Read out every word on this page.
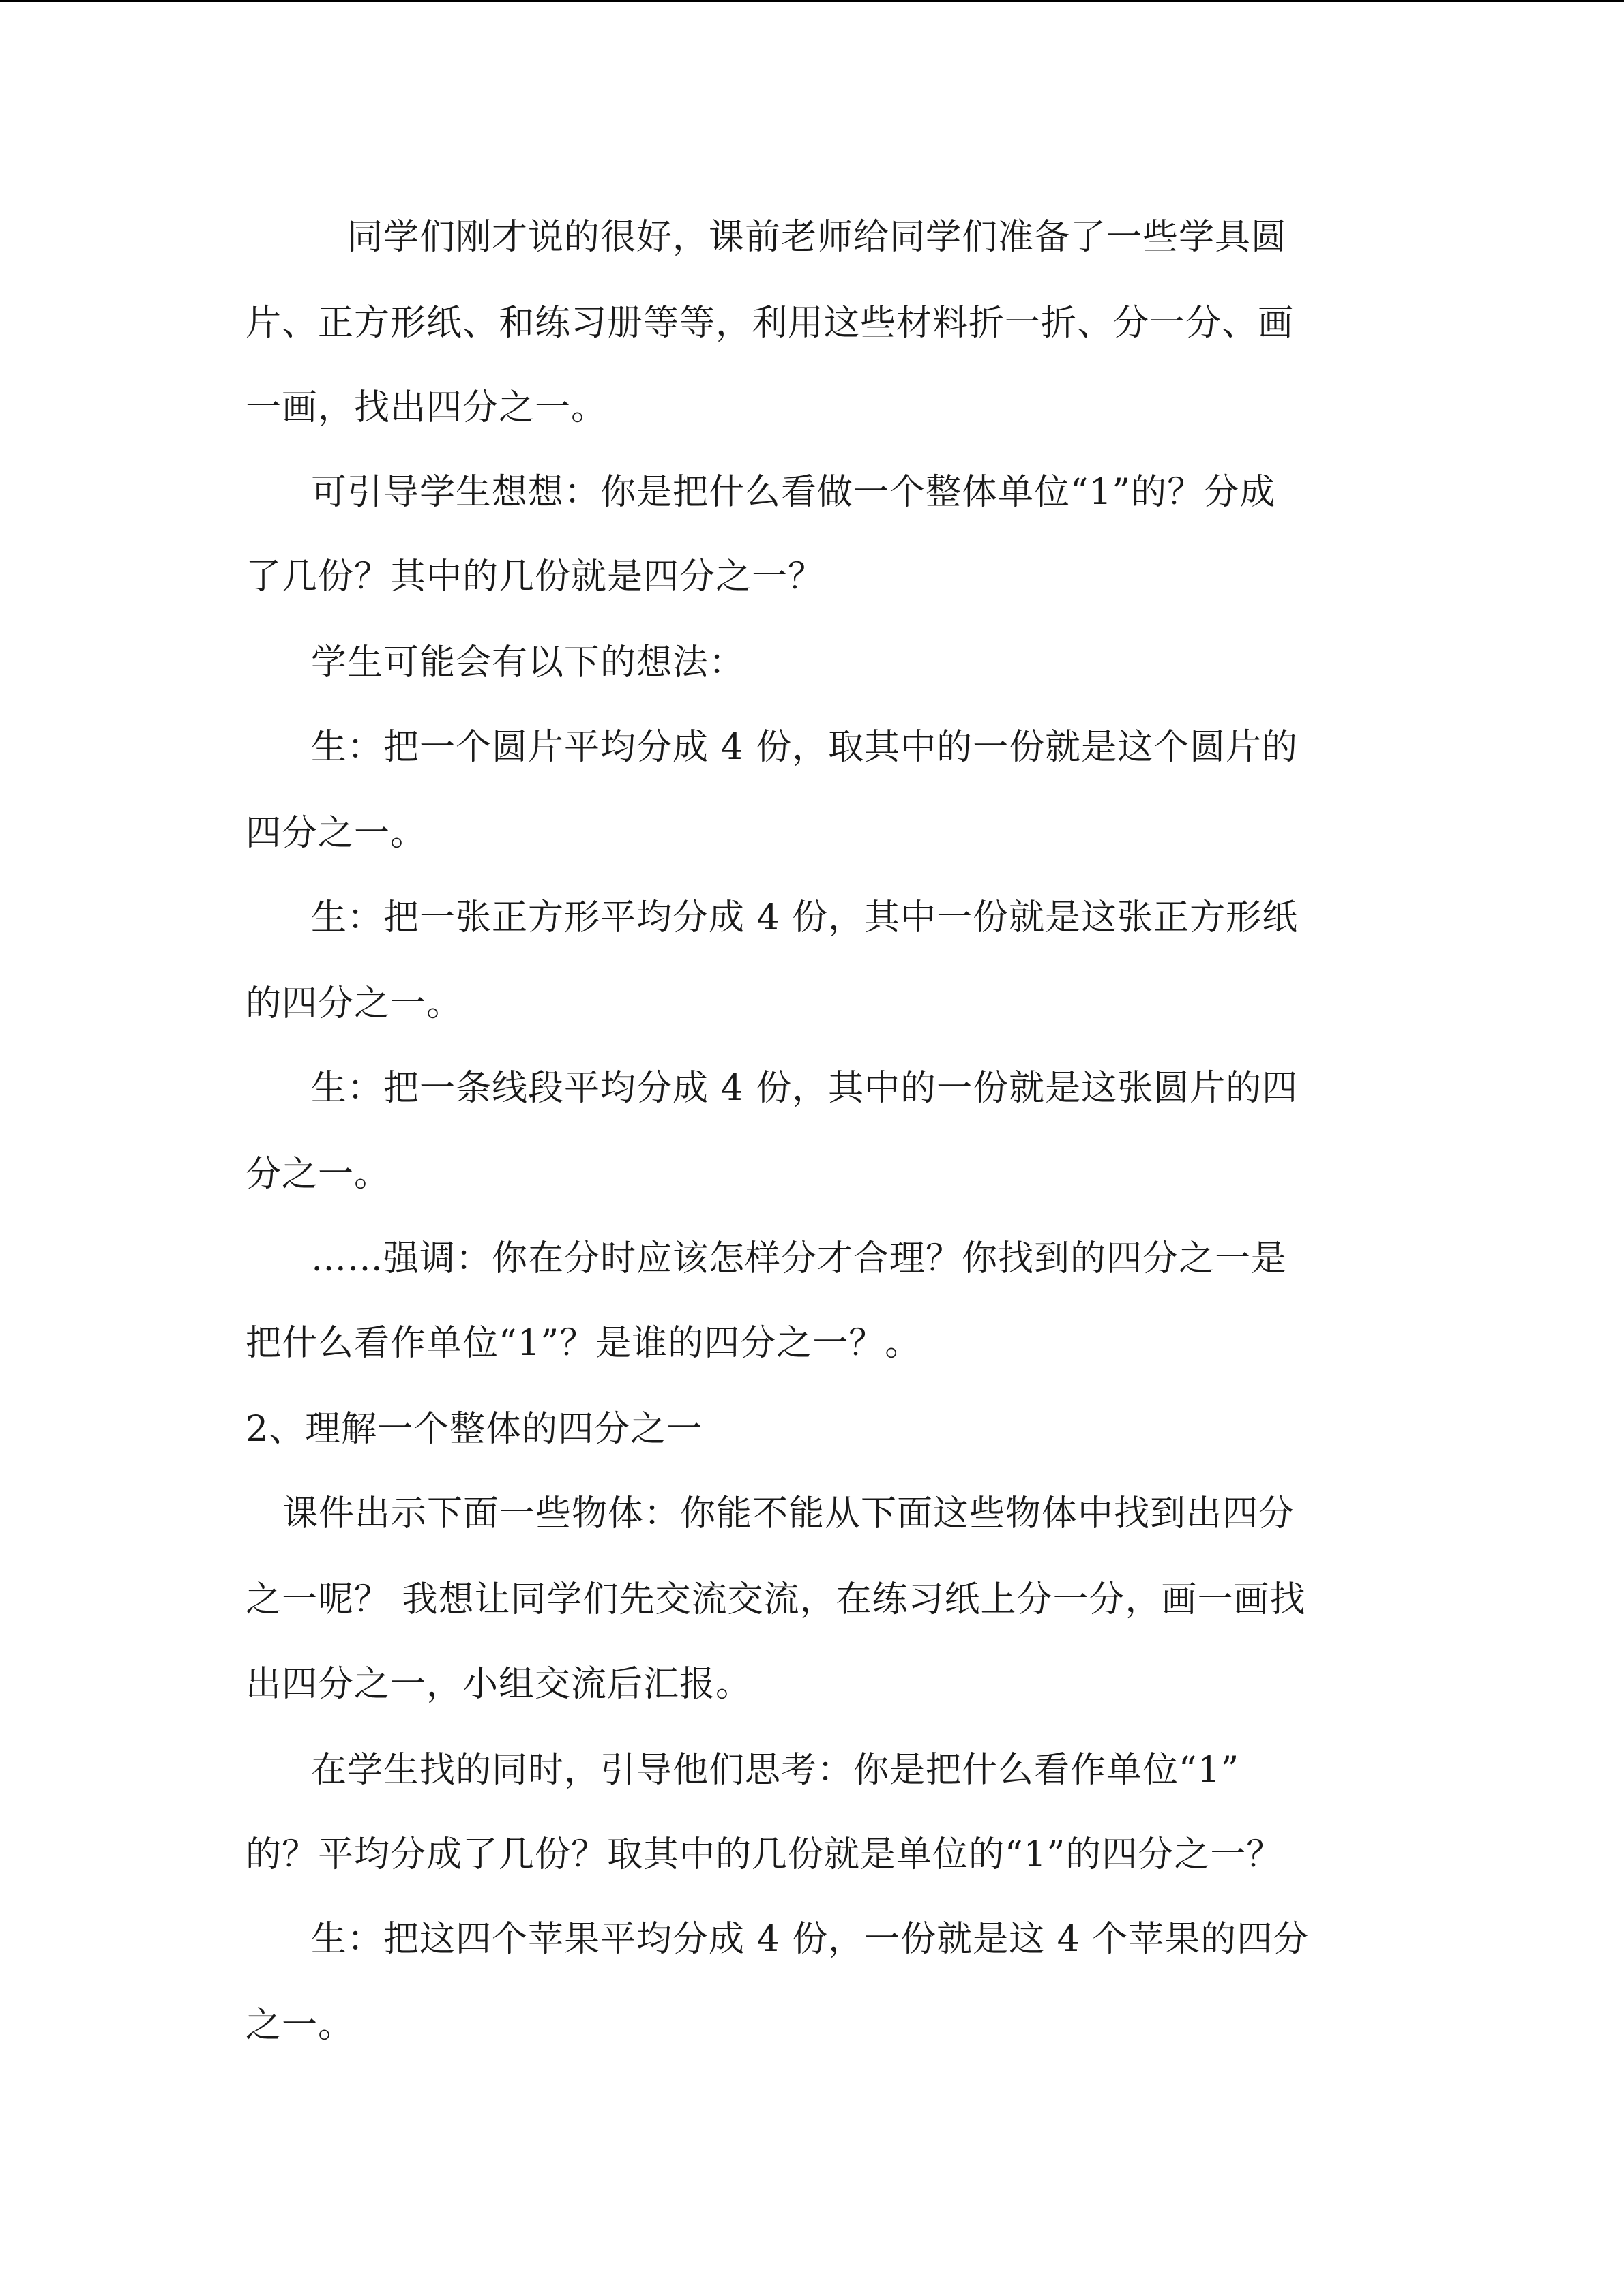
　同学们刚才说的很好，课前老师给同学们准备了一些学具圆
片、正方形纸、和练习册等等，利用这些材料折一折、分一分、画
一画，找出四分之一。
可引导学生想想：你是把什么看做一个整体单位“1”的？分成
了几份？其中的几份就是四分之一？
学生可能会有以下的想法：
生：把一个圆片平均分成 4 份，取其中的一份就是这个圆片的
四分之一。
生：把一张正方形平均分成 4 份，其中一份就是这张正方形纸
的四分之一。
生：把一条线段平均分成 4 份，其中的一份就是这张圆片的四
分之一。
……强调：你在分时应该怎样分才合理？你找到的四分之一是
把什么看作单位“1”？是谁的四分之一？。
2、理解一个整体的四分之一
课件出示下面一些物体：你能不能从下面这些物体中找到出四分
之一呢？ 我想让同学们先交流交流，在练习纸上分一分，画一画找
出四分之一，小组交流后汇报。
在学生找的同时，引导他们思考：你是把什么看作单位“1”
的？平均分成了几份？取其中的几份就是单位的“1”的四分之一？
生：把这四个苹果平均分成 4 份，一份就是这 4 个苹果的四分
之一。
